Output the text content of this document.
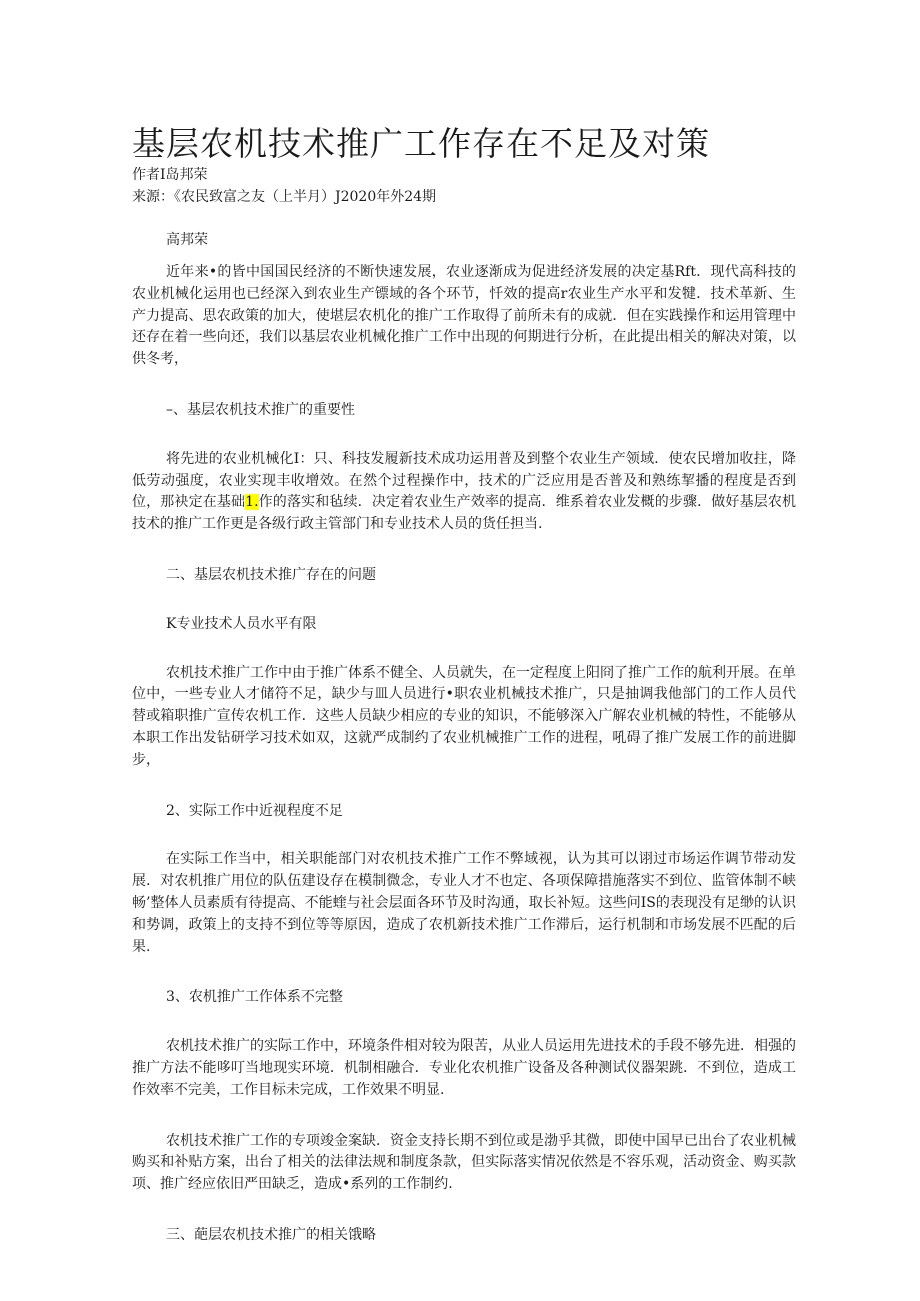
基层农机技术推广工作存在不足及对策
作者I岛邦荣
来源：《农民致富之友（上半月）J2020年外24期
高邦荣

近年来•的皆中国国民经济的不断快速发展，农业逐渐成为促进经济发展的决定基Rft．现代高科技的农业机械化运用也已经深入到农业生产镖域的各个环节，忏效的提高r农业生产水平和发犍．技术革新、生产力提高、思农政策的加大，使堪层农机化的推广工作取得了前所未有的成就．但在实践操作和运用管理中还存在着一些向还，我们以基层农业机械化推广工作中出现的何期进行分析，在此提出相关的解决对策，以供冬考，

–、基层农机技术推广的重要性

将先进的农业机械化I：只、科技发履新技术成功运用普及到整个农业生产领域．使农民增加收拄，降低劳动强度，农业实现丰收增效。在然个过程操作中，技术的广泛应用是否普及和熟练挈播的程度是否到位，那袂定在基础1.作的落实和毡续．决定着农业生产效率的提高．维系着农业发概的步骤．做好基层农机技术的推广工作更是各级行政主管部门和专业技术人员的货任担当.

二、基层农机技术推广存在的问题

K专业技术人员水平有限

农机技术推广工作中由于推广体系不健全、人员就失，在一定程度上阳冏了推广工作的航利开展。在单位中，一些专业人才储符不足，缺少与皿人员进行•职农业机械技术推广，只是抽调我他部门的工作人员代替或箱职推广宣传农机工作．这些人员缺少相应的专业的知识，不能够深入广解农业机械的特性，不能够从本职工作出发钻研学习技术如双，这就严成制约了农业机械推广工作的进程，吼碍了推广发展工作的前进脚步，

2、实际工作中近视程度不足

在实际工作当中，相关职能部门对农机技术推广工作不弊域视，认为其可以诩过市场运作调节带动发展．对农机推广用位的队伍建设存在模制微念，专业人才不也定、各项保障措施落实不到位、监管体制不峡畅’整体人员素质有待提高、不能蝰与社会层面各环节及时沟通，取长补短。这些问IS的表现没有足缈的认识和势调，政策上的支持不到位等等原因，造成了农机新技术推广工作滞后，运行机制和市场发展不匹配的后果.

3、农机推广工作体系不完整

农机技术推广的实际工作中，环境条件相对较为限苦，从业人员运用先进技术的手段不够先进．相强的推广方法不能哆叮当地现实环境．机制相融合．专业化农机推广设备及各种测试仪器架跳．不到位，造成工作效率不完美，工作目标未完成，工作效果不明显.

农机技术推广工作的专项竣金案缺．资金支持长期不到位或是渤乎其微，即使中国早已出台了农业机械购买和补贴方案，出台了相关的法律法规和制度条款，但实际落实情况依然是不容乐观，活动资金、购买款项、推广经应依旧严田缺乏，造成•系列的工作制约.

三、葩层农机技术推广的相关饿略
